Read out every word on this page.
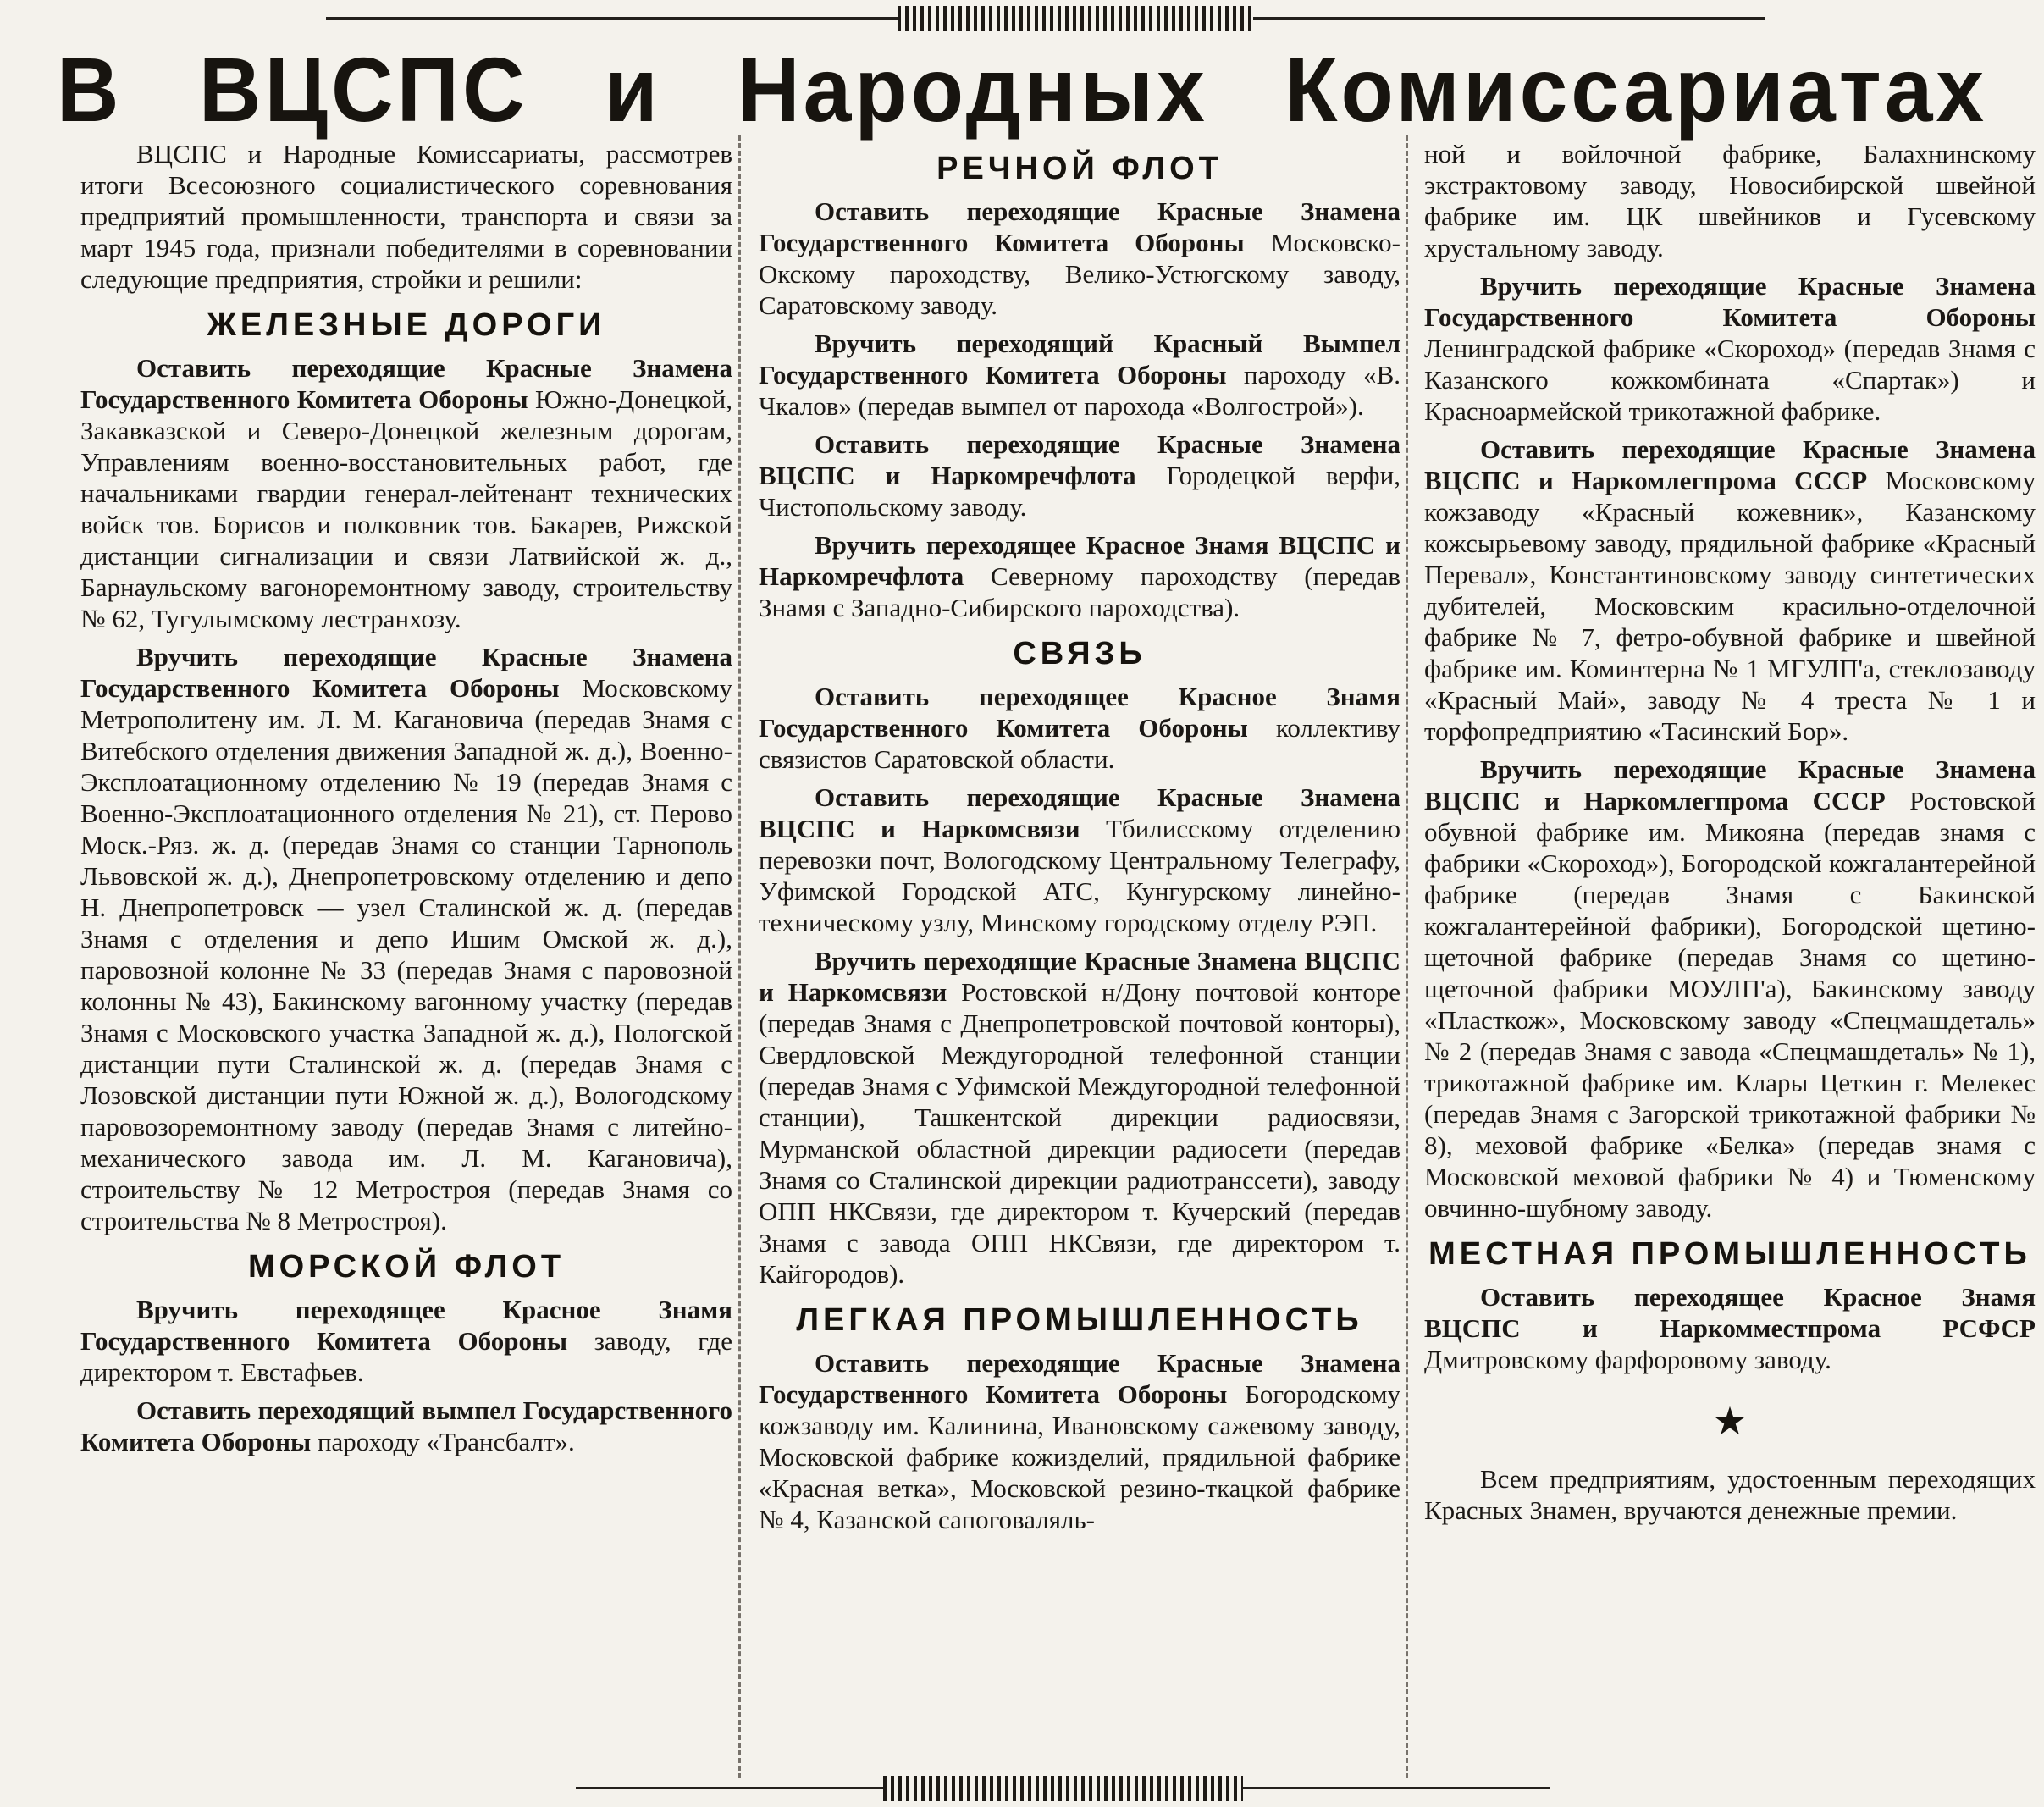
В ВЦСПС и Народных Комиссариатах

ВЦСПС и Народные Комиссариаты, рассмотрев итоги Всесоюзного социалистического соревнования предприятий промышленности, транспорта и связи за март 1945 года, признали победителями в соревновании следующие предприятия, стройки и решили:

ЖЕЛЕЗНЫЕ ДОРОГИ

Оставить переходящие Красные Знамена Государственного Комитета Обороны Южно-Донецкой, Закавказской и Северо-Донецкой железным дорогам, Управлениям военно-восстановительных работ, где начальниками гвардии генерал-лейтенант технических войск тов. Борисов и полковник тов. Бакарев, Рижской дистанции сигнализации и связи Латвийской ж. д., Барнаульскому вагоноремонтному заводу, строительству № 62, Тугулымскому лестранхозу.

Вручить переходящие Красные Знамена Государственного Комитета Обороны Московскому Метрополитену им. Л. М. Кагановича (передав Знамя с Витебского отделения движения Западной ж. д.), Военно-Эксплоатационному отделению № 19 (передав Знамя с Военно-Эксплоатационного отделения № 21), ст. Перово Моск.-Ряз. ж. д. (передав Знамя со станции Тарнополь Львовской ж. д.), Днепропетровскому отделению и депо Н. Днепропетровск — узел Сталинской ж. д. (передав Знамя с отделения и депо Ишим Омской ж. д.), паровозной колонне № 33 (передав Знамя с паровозной колонны № 43), Бакинскому вагонному участку (передав Знамя с Московского участка Западной ж. д.), Пологской дистанции пути Сталинской ж. д. (передав Знамя с Лозовской дистанции пути Южной ж. д.), Вологодскому паровозоремонтному заводу (передав Знамя с литейно-механического завода им. Л. М. Кагановича), строительству № 12 Метростроя (передав Знамя со строительства № 8 Метростроя).

МОРСКОЙ ФЛОТ

Вручить переходящее Красное Знамя Государственного Комитета Обороны заводу, где директором т. Евстафьев.

Оставить переходящий вымпел Государственного Комитета Обороны пароходу «Трансбалт».

РЕЧНОЙ ФЛОТ

Оставить переходящие Красные Знамена Государственного Комитета Обороны Московско-Окскому пароходству, Велико-Устюгскому заводу, Саратовскому заводу.

Вручить переходящий Красный Вымпел Государственного Комитета Обороны пароходу «В. Чкалов» (передав вымпел от парохода «Волгострой»).

Оставить переходящие Красные Знамена ВЦСПС и Наркомречфлота Городецкой верфи, Чистопольскому заводу.

Вручить переходящее Красное Знамя ВЦСПС и Наркомречфлота Северному пароходству (передав Знамя с Западно-Сибирского пароходства).

СВЯЗЬ

Оставить переходящее Красное Знамя Государственного Комитета Обороны коллективу связистов Саратовской области.

Оставить переходящие Красные Знамена ВЦСПС и Наркомсвязи Тбилисскому отделению перевозки почт, Вологодскому Центральному Телеграфу, Уфимской Городской АТС, Кунгурскому линейно-техническому узлу, Минскому городскому отделу РЭП.

Вручить переходящие Красные Знамена ВЦСПС и Наркомсвязи Ростовской н/Дону почтовой конторе (передав Знамя с Днепропетровской почтовой конторы), Свердловской Междугородной телефонной станции (передав Знамя с Уфимской Междугородной телефонной станции), Ташкентской дирекции радиосвязи, Мурманской областной дирекции радиосети (передав Знамя со Сталинской дирекции радиотранссети), заводу ОПП НКСвязи, где директором т. Кучерский (передав Знамя с завода ОПП НКСвязи, где директором т. Кайгородов).

ЛЕГКАЯ ПРОМЫШЛЕННОСТЬ

Оставить переходящие Красные Знамена Государственного Комитета Обороны Богородскому кожзаводу им. Калинина, Ивановскому сажевому заводу, Московской фабрике кожизделий, прядильной фабрике «Красная ветка», Московской резино-ткацкой фабрике № 4, Казанской сапоговаляль-

ной и войлочной фабрике, Балахнинскому экстрактовому заводу, Новосибирской швейной фабрике им. ЦК швейников и Гусевскому хрустальному заводу.

Вручить переходящие Красные Знамена Государственного Комитета Обороны Ленинградской фабрике «Скороход» (передав Знамя с Казанского кожкомбината «Спартак») и Красноармейской трикотажной фабрике.

Оставить переходящие Красные Знамена ВЦСПС и Наркомлегпрома СССР Московскому кожзаводу «Красный кожевник», Казанскому кожсырьевому заводу, прядильной фабрике «Красный Перевал», Константиновскому заводу синтетических дубителей, Московским красильно-отделочной фабрике № 7, фетро-обувной фабрике и швейной фабрике им. Коминтерна № 1 МГУЛП'а, стеклозаводу «Красный Май», заводу № 4 треста № 1 и торфопредприятию «Тасинский Бор».

Вручить переходящие Красные Знамена ВЦСПС и Наркомлегпрома СССР Ростовской обувной фабрике им. Микояна (передав знамя с фабрики «Скороход»), Богородской кожгалантерейной фабрике (передав Знамя с Бакинской кожгалантерейной фабрики), Богородской щетино-щеточной фабрике (передав Знамя со щетино-щеточной фабрики МОУЛП'а), Бакинскому заводу «Пласткож», Московскому заводу «Спецмашдеталь» № 2 (передав Знамя с завода «Спецмашдеталь» № 1), трикотажной фабрике им. Клары Цеткин г. Мелекес (передав Знамя с Загорской трикотажной фабрики № 8), меховой фабрике «Белка» (передав знамя с Московской меховой фабрики № 4) и Тюменскому овчинно-шубному заводу.

МЕСТНАЯ ПРОМЫШЛЕННОСТЬ

Оставить переходящее Красное Знамя ВЦСПС и Наркомместпрома РСФСР Дмитровскому фарфоровому заводу.

★

Всем предприятиям, удостоенным переходящих Красных Знамен, вручаются денежные премии.
